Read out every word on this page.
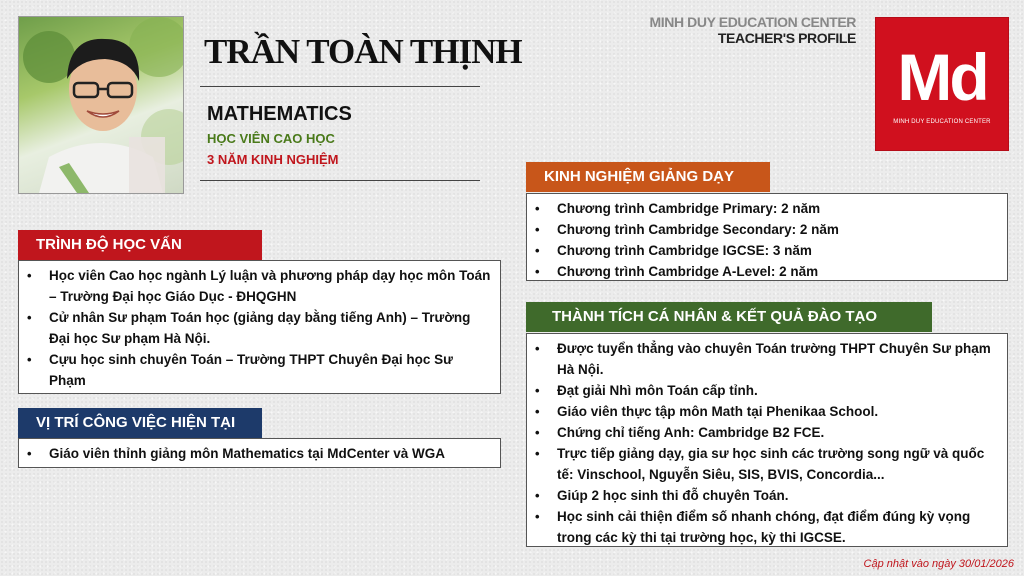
TRẦN TOÀN THỊNH
MATHEMATICS
HỌC VIÊN CAO HỌC
3 NĂM KINH NGHIỆM
MINH DUY EDUCATION CENTER
TEACHER'S PROFILE
Md
MINH DUY EDUCATION CENTER
TRÌNH ĐỘ HỌC VẤN
• Học viên Cao học ngành Lý luận và phương pháp dạy học môn Toán – Trường Đại học Giáo Dục - ĐHQGHN
• Cử nhân Sư phạm Toán học (giảng dạy bằng tiếng Anh) – Trường Đại học Sư phạm Hà Nội.
• Cựu học sinh chuyên Toán – Trường THPT Chuyên Đại học Sư Phạm
VỊ TRÍ CÔNG VIỆC HIỆN TẠI
• Giáo viên thỉnh giảng môn Mathematics tại MdCenter và WGA
KINH NGHIỆM GIẢNG DẠY
• Chương trình Cambridge Primary: 2 năm
• Chương trình Cambridge Secondary: 2 năm
• Chương trình Cambridge IGCSE: 3 năm
• Chương trình Cambridge A-Level: 2 năm
THÀNH TÍCH CÁ NHÂN & KẾT QUẢ ĐÀO TẠO
• Được tuyển thẳng vào chuyên Toán trường THPT Chuyên Sư phạm Hà Nội.
• Đạt giải Nhì môn Toán cấp tỉnh.
• Giáo viên thực tập môn Math tại Phenikaa School.
• Chứng chỉ tiếng Anh: Cambridge B2 FCE.
• Trực tiếp giảng dạy, gia sư học sinh các trường song ngữ và quốc tế: Vinschool, Nguyễn Siêu, SIS, BVIS, Concordia...
• Giúp 2 học sinh thi đỗ chuyên Toán.
• Học sinh cải thiện điểm số nhanh chóng, đạt điểm đúng kỳ vọng trong các kỳ thi tại trường học, kỳ thi IGCSE.
Cập nhật vào ngày 30/01/2026
